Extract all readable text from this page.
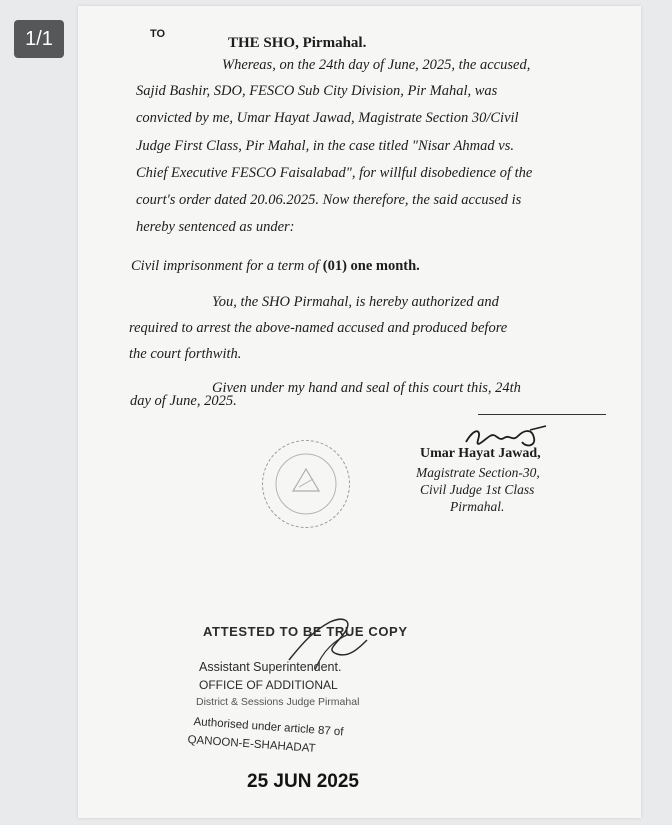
1/1	TO
THE SHO, Pirmahal.
Whereas, on the 24th day of June, 2025, the accused,
Sajid Bashir, SDO, FESCO Sub City Division, Pir Mahal, was
convicted by me, Umar Hayat Jawad, Magistrate Section 30/Civil
Judge First Class, Pir Mahal, in the case titled "Nisar Ahmad vs.
Chief Executive FESCO Faisalabad", for willful disobedience of the
court's order dated 20.06.2025. Now therefore, the said accused is
hereby sentenced as under:
Civil imprisonment for a term of (01) one month.
You, the SHO Pirmahal, is hereby authorized and
required to arrest the above-named accused and produced before
the court forthwith.
Given under my hand and seal of this court this, 24th
day of June, 2025.
Umar Hayat Jawad,
Magistrate Section-30,
Civil Judge 1st Class
Pirmahal.
ATTESTED TO BE TRUE COPY
Assistant Superintendent.
OFFICE OF ADDITIONAL
District & Sessions Judge Pirmahal
Authorised under article 87 of
QANOON-E-SHAHADAT
25 JUN 2025
